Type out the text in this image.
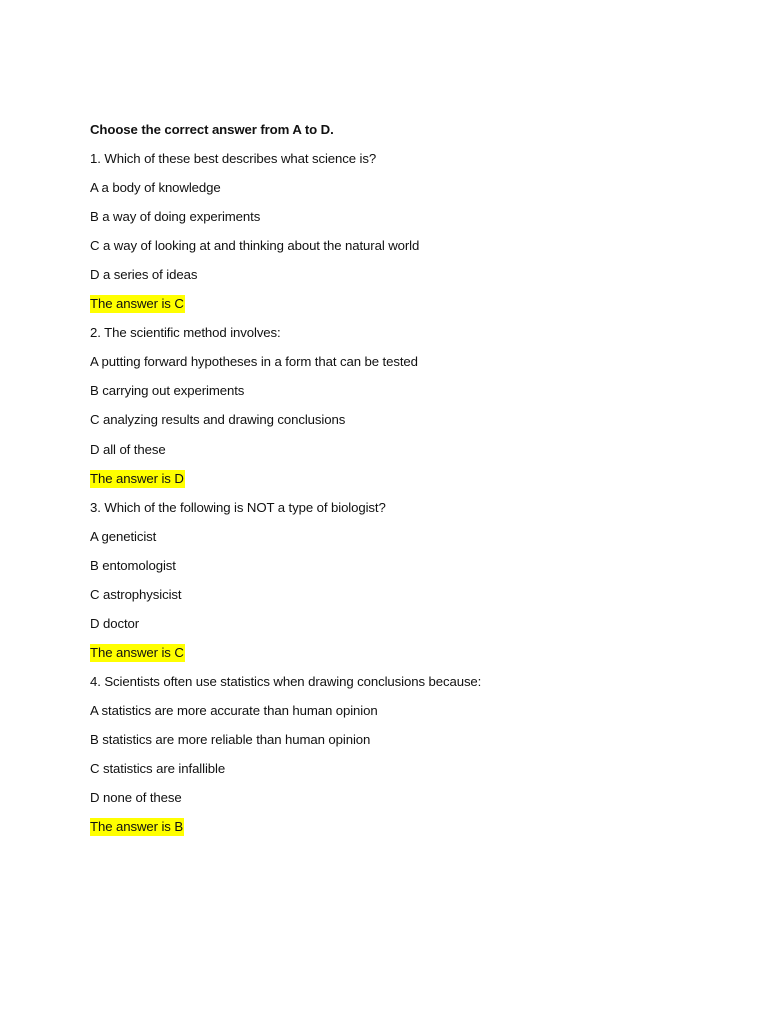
Choose the correct answer from A to D.
1. Which of these best describes what science is?
A a body of knowledge
B a way of doing experiments
C a way of looking at and thinking about the natural world
D a series of ideas
The answer is C
2. The scientific method involves:
A putting forward hypotheses in a form that can be tested
B carrying out experiments
C analyzing results and drawing conclusions
D all of these
The answer is D
3. Which of the following is NOT a type of biologist?
A geneticist
B entomologist
C astrophysicist
D doctor
The answer is C
4. Scientists often use statistics when drawing conclusions because:
A statistics are more accurate than human opinion
B statistics are more reliable than human opinion
C statistics are infallible
D none of these
The answer is B
